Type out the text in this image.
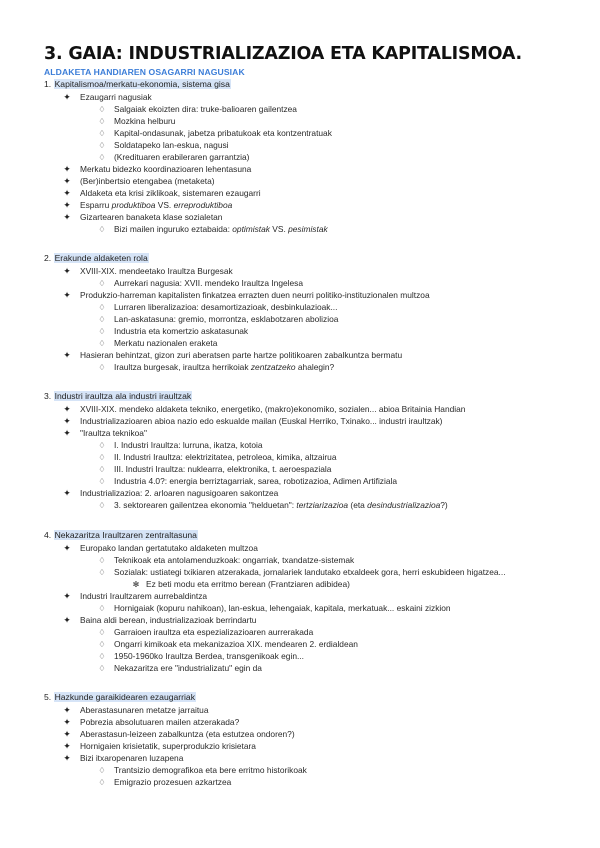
3. GAIA: INDUSTRIALIZAZIOA ETA KAPITALISMOA.
ALDAKETA HANDIAREN OSAGARRI NAGUSIAK
1. Kapitalismoa/merkatu-ekonomia, sistema gisa
✦ Ezaugarri nagusiak
♢ Salgaiak ekoizten dira: truke-balioaren gailentzea
♢ Mozkina helburu
♢ Kapital-ondasunak, jabetza pribatukoak eta kontzentratuak
♢ Soldatapeko lan-eskua, nagusi
♢ (Kredituaren erabileraren garrantzia)
✦ Merkatu bidezko koordinazioaren lehentasuna
✦ (Ber)inbertsio etengabea (metaketa)
✦ Aldaketa eta krisi ziklikoak, sistemaren ezaugarri
✦ Esparru produktiboa VS. erreproduktiboa
✦ Gizartearen banaketa klase sozialetan
♢ Bizi mailen inguruko eztabaida: optimistak VS. pesimistak
2. Erakunde aldaketen rola
✦ XVIII-XIX. mendeetako Iraultza Burgesak
♢ Aurrekari nagusia: XVII. mendeko Iraultza Ingelesa
✦ Produkzio-harreman kapitalisten finkatzea errazten duen neurri politiko-instituzionalen multzoa
♢ Lurraren liberalizazioa: desamortizazioak, desbinkulazioak...
♢ Lan-askatasuna: gremio, morrontza, esklabotzaren abolizioa
♢ Industria eta komertzio askatasunak
♢ Merkatu nazionalen eraketa
✦ Hasieran behintzat, gizon zuri aberatsen parte hartze politikoaren zabalkuntza bermatu
♢ Iraultza burgesak, iraultza herrikoiak zentzatzeko ahalegin?
3. Industri iraultza ala industri iraultzak
✦ XVIII-XIX. mendeko aldaketa tekniko, energetiko, (makro)ekonomiko, sozialen... abioa Britainia Handian
✦ Industrializazioaren abioa nazio edo eskualde mailan (Euskal Herriko, Txinako... industri iraultzak)
✦ "Iraultza teknikoa"
♢ I. Industri Iraultza: lurruna, ikatza, kotoia
♢ II. Industri Iraultza: elektrizitatea, petroleoa, kimika, altzairua
♢ III. Industri Iraultza: nuklearra, elektronika, t. aeroespaziala
♢ Industria 4.0?: energia berriztagarriak, sarea, robotizazioa, Adimen Artifiziala
✦ Industrializazioa: 2. arloaren nagusigoaren sakontzea
♢ 3. sektorearen gailentzea ekonomia "helduetan": tertziarizazioa (eta desindustrializazioa?)
4. Nekazaritza Iraultzaren zentraltasuna
✦ Europako landan gertatutako aldaketen multzoa
♢ Teknikoak eta antolamenduzkoak: ongarriak, txandatze-sistemak
♢ Sozialak: ustiategi txikiaren atzerakada, jornalariek landutako etxaldeek gora, herri eskubideen higatzea...
✻ Ez beti modu eta erritmo berean (Frantziaren adibidea)
✦ Industri Iraultzarem aurrebaldintza
♢ Hornigaiak (kopuru nahikoan), lan-eskua, lehengaiak, kapitala, merkatuak... eskaini zizkion
✦ Baina aldi berean, industrializazioak berrindartu
♢ Garraioen iraultza eta espezializazioaren aurrerakada
♢ Ongarri kimikoak eta mekanizazioa XIX. mendearen 2. erdialdean
♢ 1950-1960ko Iraultza Berdea, transgenikoak egin...
♢ Nekazaritza ere "industrializatu" egin da
5. Hazkunde garaikidearen ezaugarriak
✦ Aberastasunaren metatze jarraitua
✦ Pobrezia absolutuaren mailen atzerakada?
✦ Aberastasun-leizeen zabalkuntza (eta estutzea ondoren?)
✦ Hornigaien krisietatik, superprodukzio krisietara
✦ Bizi itxaropenaren luzapena
♢ Trantsizio demografikoa eta bere erritmo historikoak
♢ Emigrazio prozesuen azkartzea
